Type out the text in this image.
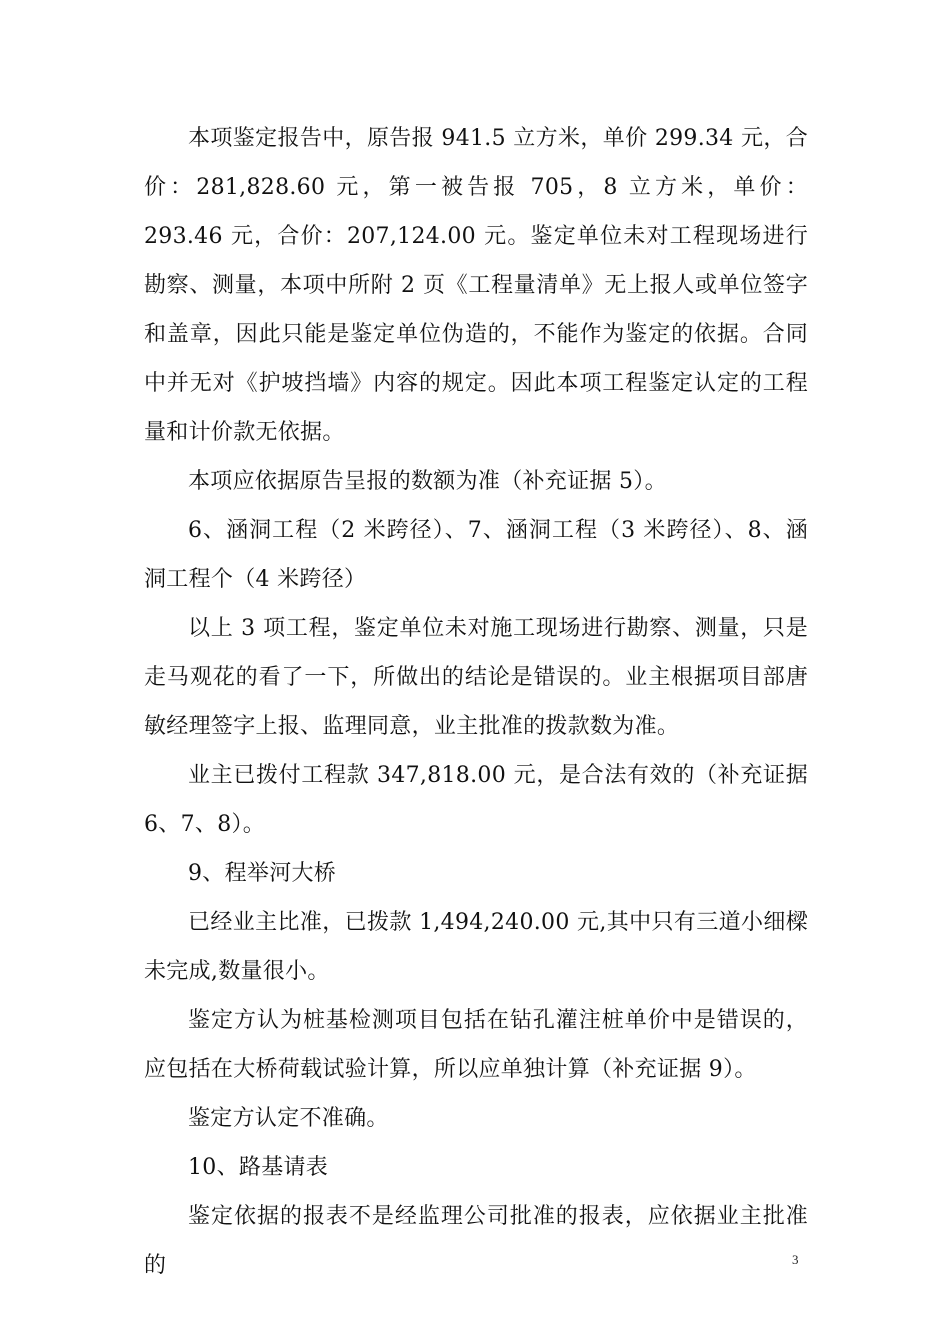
本项鉴定报告中，原告报 941.5 立方米，单价 299.34 元，合价：281,828.60 元，第一被告报 705，8 立方米，单价：293.46 元，合价：207,124.00 元。鉴定单位未对工程现场进行勘察、测量，本项中所附 2 页《工程量清单》无上报人或单位签字和盖章，因此只能是鉴定单位伪造的，不能作为鉴定的依据。合同中并无对《护坡挡墙》内容的规定。因此本项工程鉴定认定的工程量和计价款无依据。

本项应依据原告呈报的数额为准（补充证据 5）。

6、涵洞工程（2 米跨径）、7、涵洞工程（3 米跨径）、8、涵洞工程个（4 米跨径）

以上 3 项工程，鉴定单位未对施工现场进行勘察、测量，只是走马观花的看了一下，所做出的结论是错误的。业主根据项目部唐敏经理签字上报、监理同意，业主批准的拨款数为准。

业主已拨付工程款 347,818.00 元，是合法有效的（补充证据 6、7、8）。

9、程举河大桥

已经业主比准，已拨款 1,494,240.00 元,其中只有三道小细樑未完成,数量很小。

鉴定方认为桩基检测项目包括在钻孔灌注桩单价中是错误的，应包括在大桥荷载试验计算，所以应单独计算（补充证据 9）。

鉴定方认定不准确。

10、路基请表

鉴定依据的报表不是经监理公司批准的报表，应依据业主批准的	3
